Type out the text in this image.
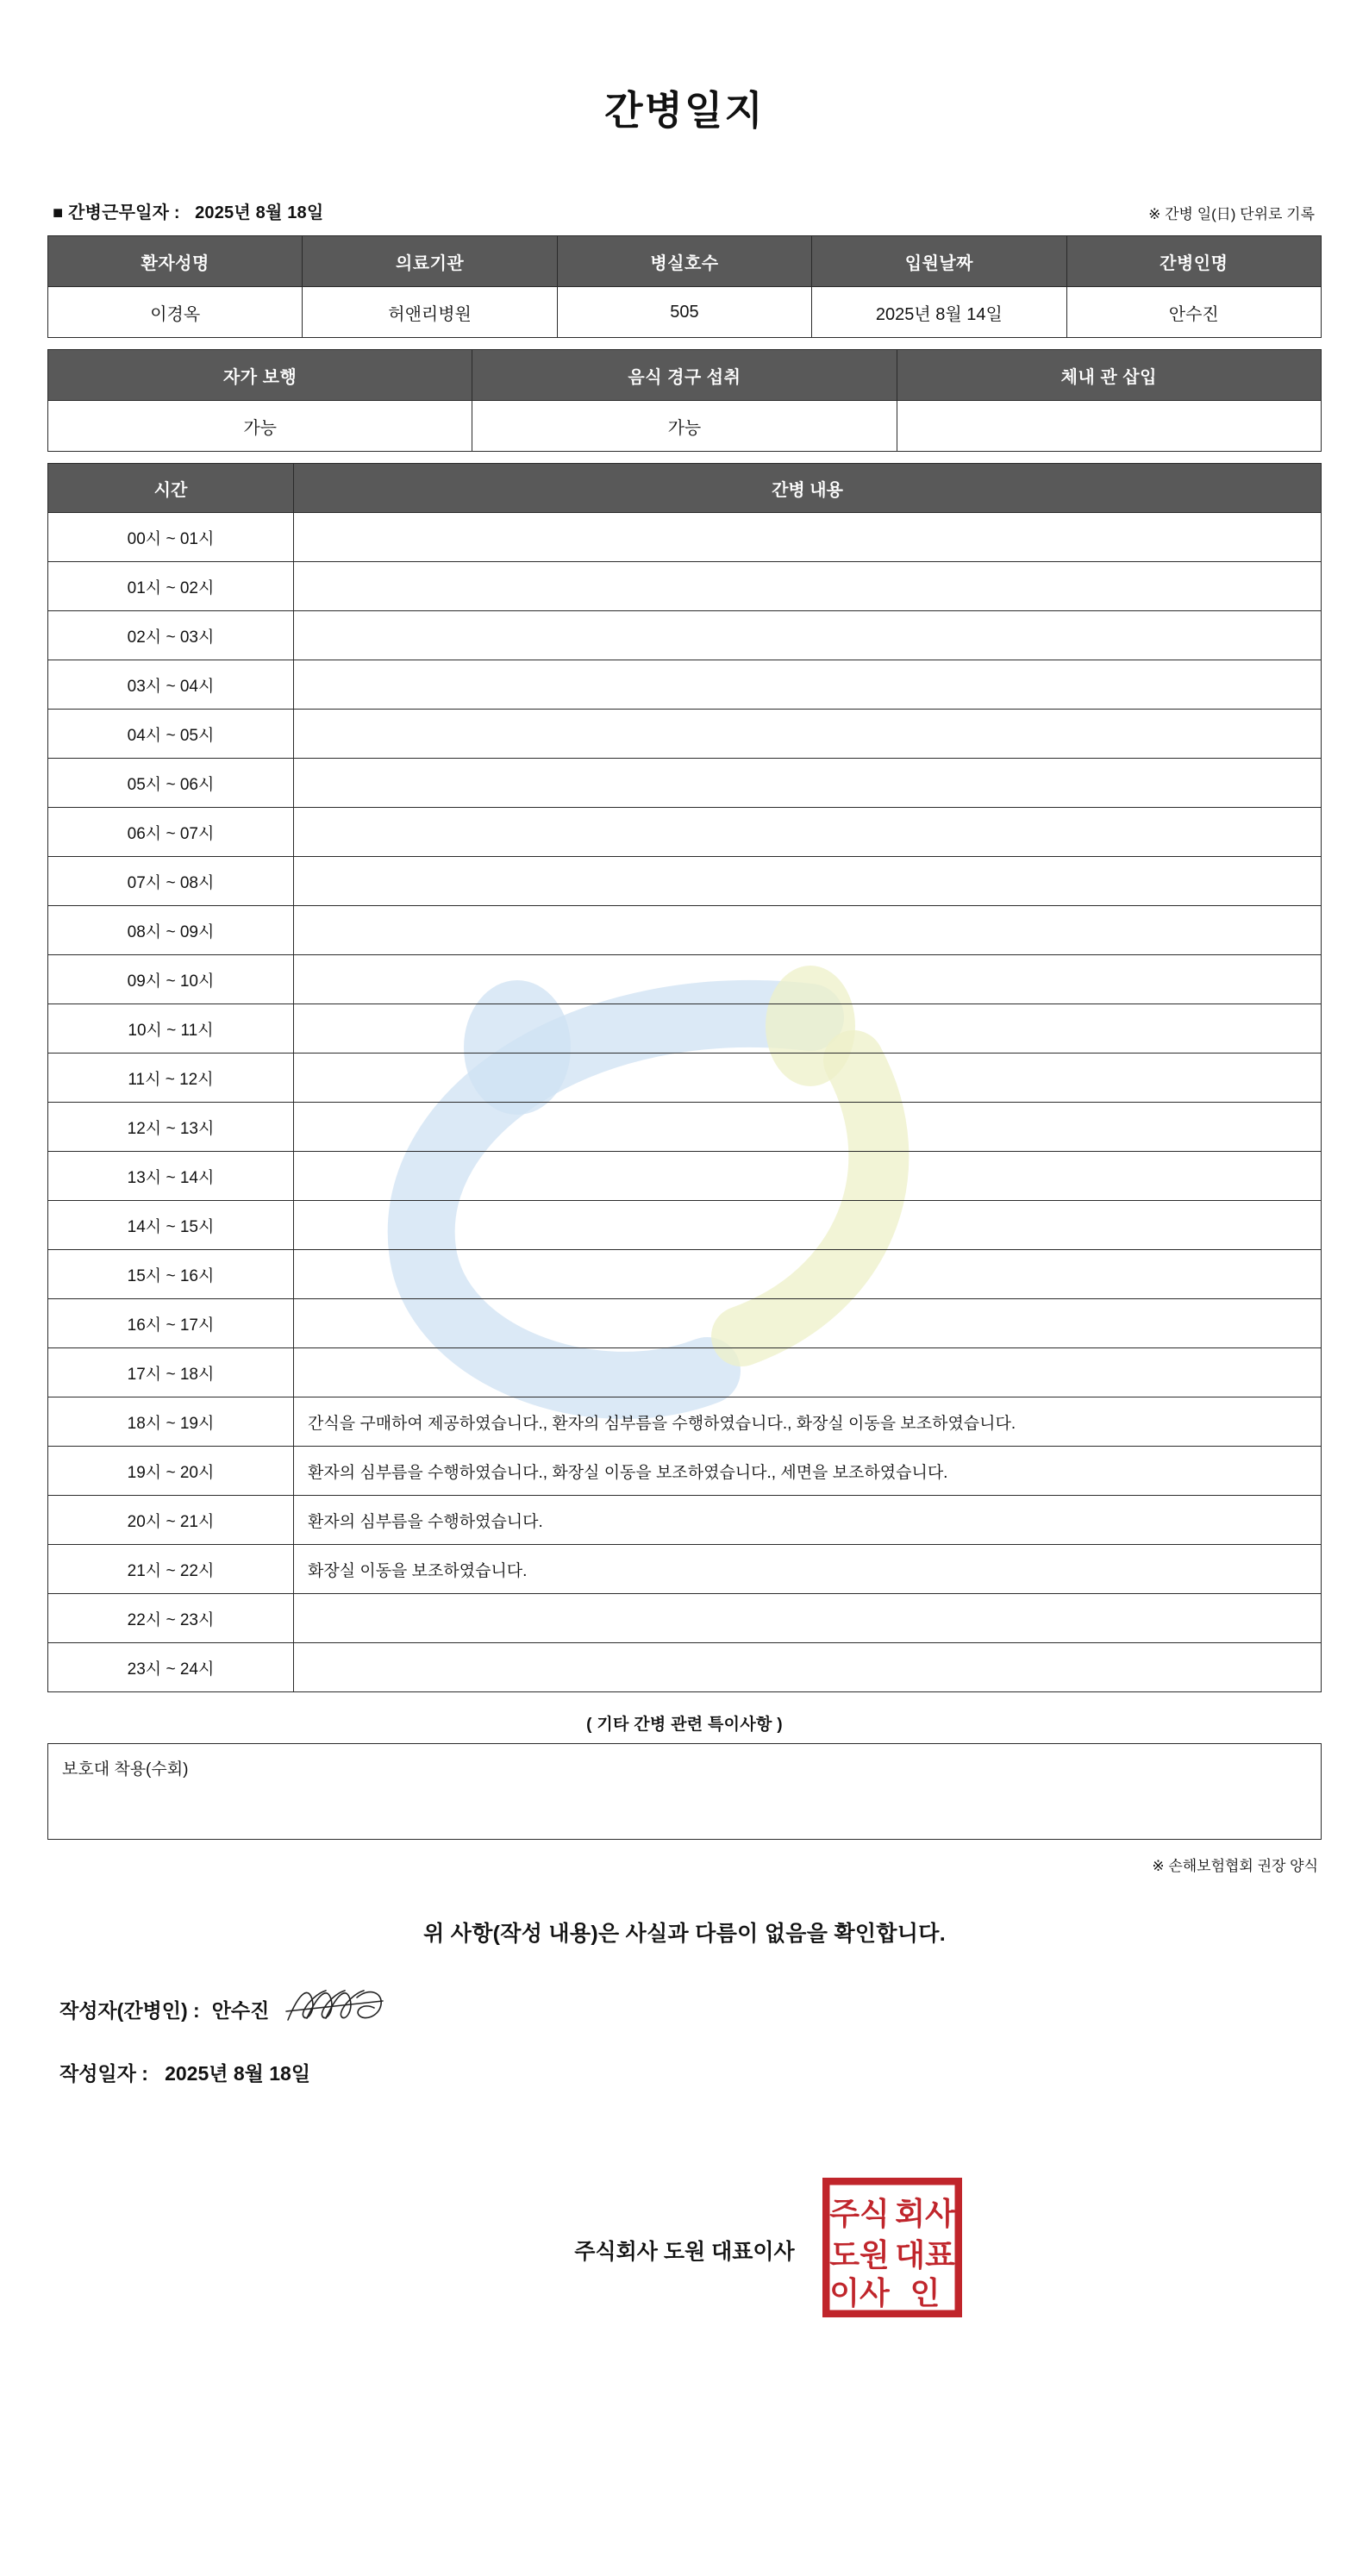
간병일지
■ 간병근무일자 : 2025년 8월 18일	※ 간병 일(日) 단위로 기록
환자성명	의료기관	병실호수	입원날짜	간병인명
이경옥	허앤리병원	505	2025년 8월 14일	안수진
자가 보행	음식 경구 섭취	체내 관 삽입
가능	가능	
시간	간병 내용
00시 ~ 01시	
01시 ~ 02시	
02시 ~ 03시	
03시 ~ 04시	
04시 ~ 05시	
05시 ~ 06시	
06시 ~ 07시	
07시 ~ 08시	
08시 ~ 09시	
09시 ~ 10시	
10시 ~ 11시	
11시 ~ 12시	
12시 ~ 13시	
13시 ~ 14시	
14시 ~ 15시	
15시 ~ 16시	
16시 ~ 17시	
17시 ~ 18시	
18시 ~ 19시	간식을 구매하여 제공하였습니다., 환자의 심부름을 수행하였습니다., 화장실 이동을 보조하였습니다.
19시 ~ 20시	환자의 심부름을 수행하였습니다., 화장실 이동을 보조하였습니다., 세면을 보조하였습니다.
20시 ~ 21시	환자의 심부름을 수행하였습니다.
21시 ~ 22시	화장실 이동을 보조하였습니다.
22시 ~ 23시	
23시 ~ 24시	
( 기타 간병 관련 특이사항 )
보호대 착용(수회)
※ 손해보험협회 권장 양식
위 사항(작성 내용)은 사실과 다름이 없음을 확인합니다.
작성자(간병인) : 안수진
작성일자 : 2025년 8월 18일
주식회사 도원 대표이사
주식 회사
도원 대표
이사 인
